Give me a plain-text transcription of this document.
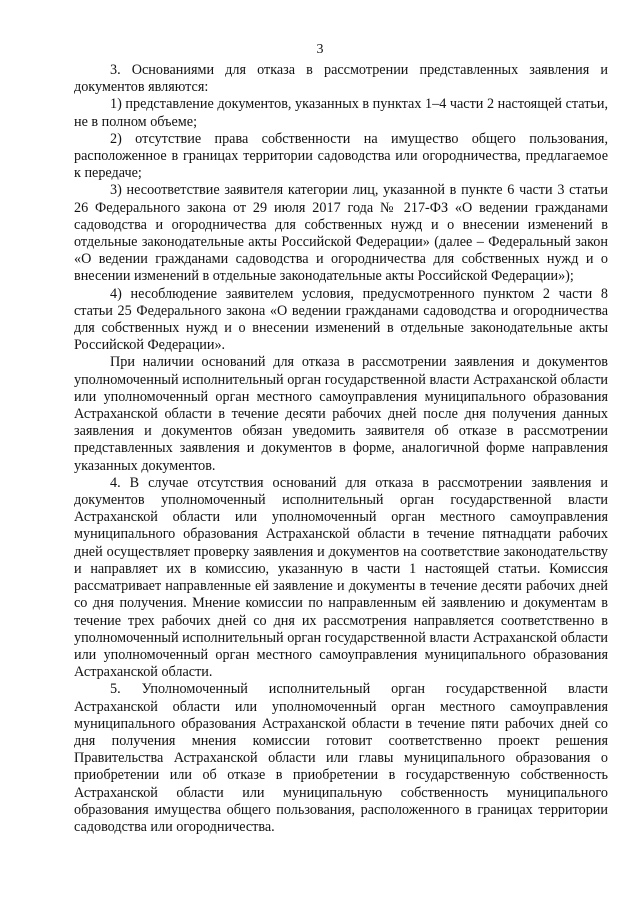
3

3. Основаниями для отказа в рассмотрении представленных заявления и документов являются:

1) представление документов, указанных в пунктах 1–4 части 2 настоящей статьи, не в полном объеме;

2) отсутствие права собственности на имущество общего пользования, расположенное в границах территории садоводства или огородничества, предлагаемое к передаче;

3) несоответствие заявителя категории лиц, указанной в пункте 6 части 3 статьи 26 Федерального закона от 29 июля 2017 года № 217-ФЗ «О ведении гражданами садоводства и огородничества для собственных нужд и о внесении изменений в отдельные законодательные акты Российской Федерации» (далее – Федеральный закон «О ведении гражданами садоводства и огородничества для собственных нужд и о внесении изменений в отдельные законодательные акты Российской Федерации»);

4) несоблюдение заявителем условия, предусмотренного пунктом 2 части 8 статьи 25 Федерального закона «О ведении гражданами садоводства и огородничества для собственных нужд и о внесении изменений в отдельные законодательные акты Российской Федерации».

При наличии оснований для отказа в рассмотрении заявления и документов уполномоченный исполнительный орган государственной власти Астраханской области или уполномоченный орган местного самоуправления муниципального образования Астраханской области в течение десяти рабочих дней после дня получения данных заявления и документов обязан уведомить заявителя об отказе в рассмотрении представленных заявления и документов в форме, аналогичной форме направления указанных документов.

4. В случае отсутствия оснований для отказа в рассмотрении заявления и документов уполномоченный исполнительный орган государственной власти Астраханской области или уполномоченный орган местного самоуправления муниципального образования Астраханской области в течение пятнадцати рабочих дней осуществляет проверку заявления и документов на соответствие законодательству и направляет их в комиссию, указанную в части 1 настоящей статьи. Комиссия рассматривает направленные ей заявление и документы в течение десяти рабочих дней со дня получения. Мнение комиссии по направленным ей заявлению и документам в течение трех рабочих дней со дня их рассмотрения направляется соответственно в уполномоченный исполнительный орган государственной власти Астраханской области или уполномоченный орган местного самоуправления муниципального образования Астраханской области.

5. Уполномоченный исполнительный орган государственной власти Астраханской области или уполномоченный орган местного самоуправления муниципального образования Астраханской области в течение пяти рабочих дней со дня получения мнения комиссии готовит соответственно проект решения Правительства Астраханской области или главы муниципального образования о приобретении или об отказе в приобретении в государственную собственность Астраханской области или муниципальную собственность муниципального образования имущества общего пользования, расположенного в границах территории садоводства или огородничества.
